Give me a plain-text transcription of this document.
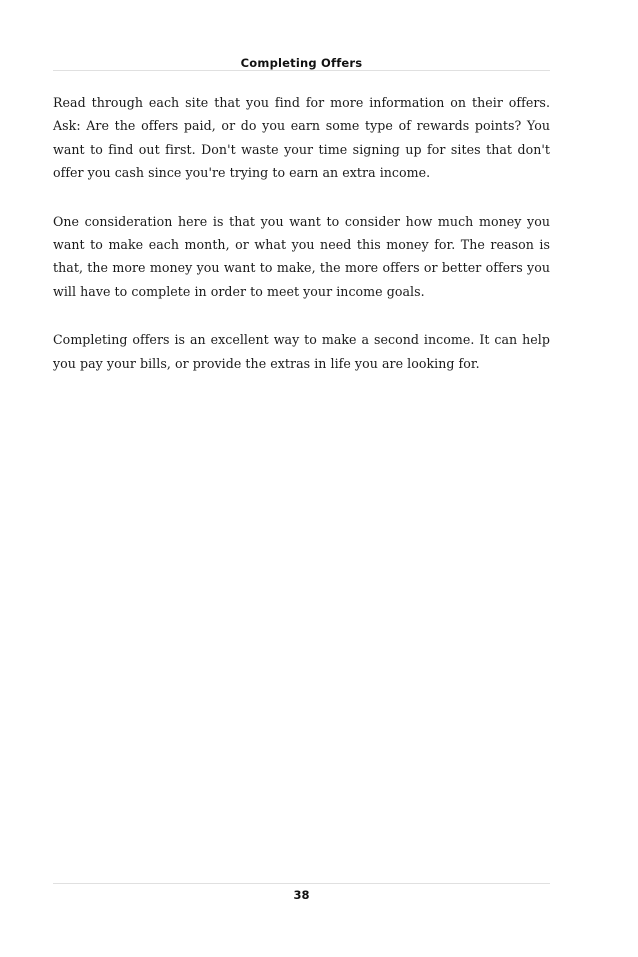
Completing Offers

Read through each site that you find for more information on their offers. Ask: Are the offers paid, or do you earn some type of rewards points? You want to find out first. Don't waste your time signing up for sites that don't offer you cash since you're trying to earn an extra income.

One consideration here is that you want to consider how much money you want to make each month, or what you need this money for. The reason is that, the more money you want to make, the more offers or better offers you will have to complete in order to meet your income goals.

Completing offers is an excellent way to make a second income. It can help you pay your bills, or provide the extras in life you are looking for.

38
